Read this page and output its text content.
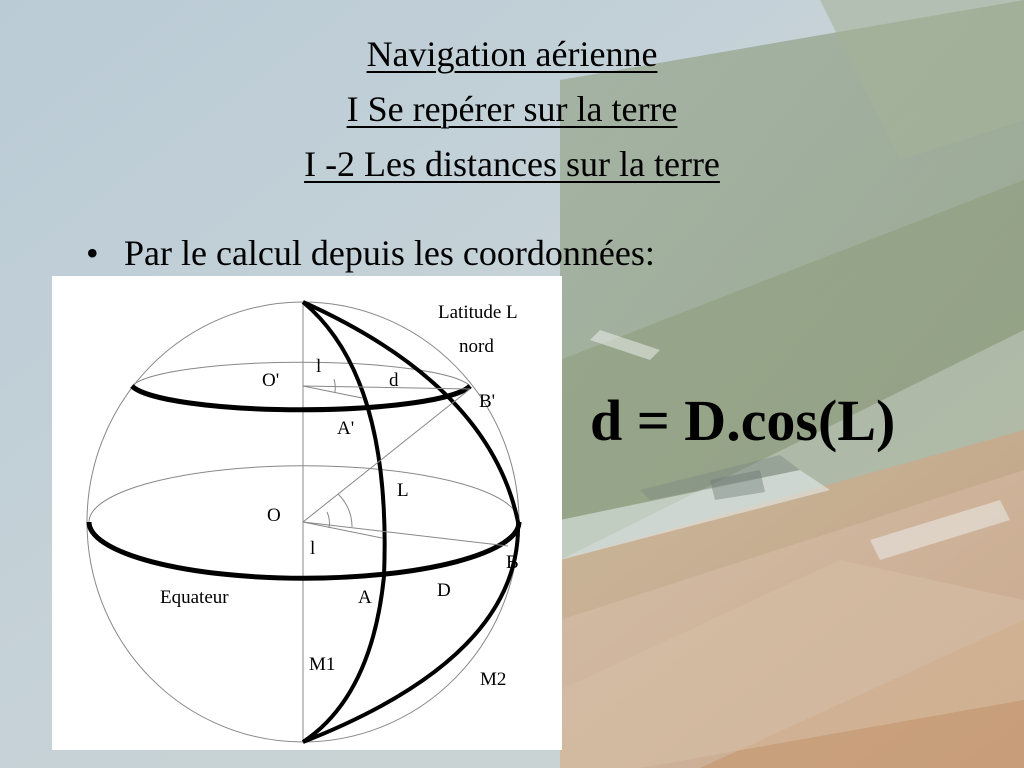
Navigation aérienne
I Se repérer sur la terre
I -2 Les distances sur la terre
• Par le calcul depuis les coordonnées:
Latitude L
nord
O'
l
d
B'
A'
L
O
l
B
Equateur	A	D
M1
M2
d = D.cos(L)
